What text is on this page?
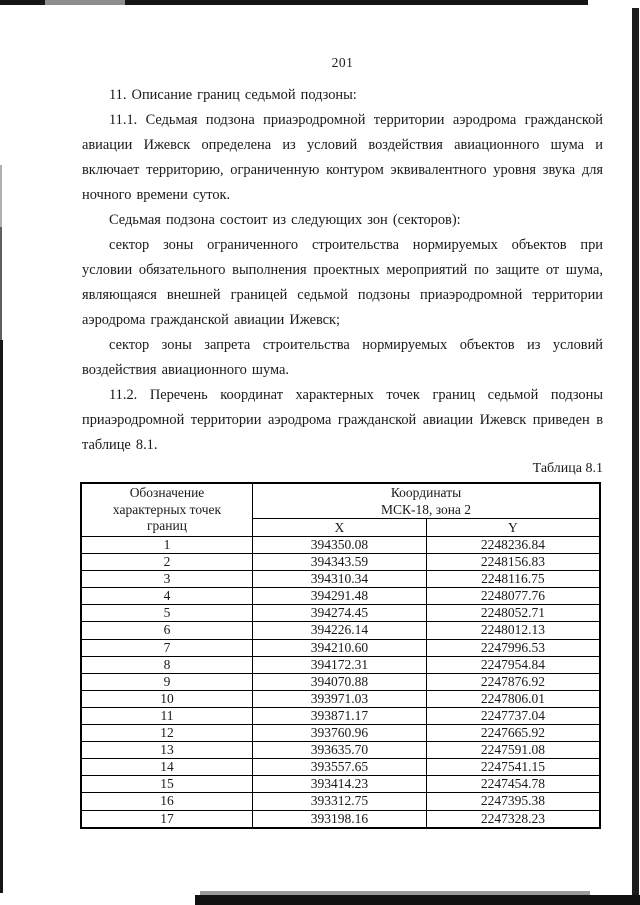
201

11. Описание границ седьмой подзоны:

11.1. Седьмая подзона приаэродромной территории аэродрома гражданской авиации Ижевск определена из условий воздействия авиационного шума и включает территорию, ограниченную контуром эквивалентного уровня звука для ночного времени суток.

Седьмая подзона состоит из следующих зон (секторов):

сектор зоны ограниченного строительства нормируемых объектов при условии обязательного выполнения проектных мероприятий по защите от шума, являющаяся внешней границей седьмой подзоны приаэродромной территории аэродрома гражданской авиации Ижевск;

сектор зоны запрета строительства нормируемых объектов из условий воздействия авиационного шума.

11.2. Перечень координат характерных точек границ седьмой подзоны приаэродромной территории аэродрома гражданской авиации Ижевск приведен в таблице 8.1.

Таблица 8.1
Обозначение характерных точек границ	Координаты
МСК-18, зона 2	

	X	Y
1	394350.08	2248236.84
2	394343.59	2248156.83
3	394310.34	2248116.75
4	394291.48	2248077.76
5	394274.45	2248052.71
6	394226.14	2248012.13
7	394210.60	2247996.53
8	394172.31	2247954.84
9	394070.88	2247876.92
10	393971.03	2247806.01
11	393871.17	2247737.04
12	393760.96	2247665.92
13	393635.70	2247591.08
14	393557.65	2247541.15
15	393414.23	2247454.78
16	393312.75	2247395.38
17	393198.16	2247328.23
